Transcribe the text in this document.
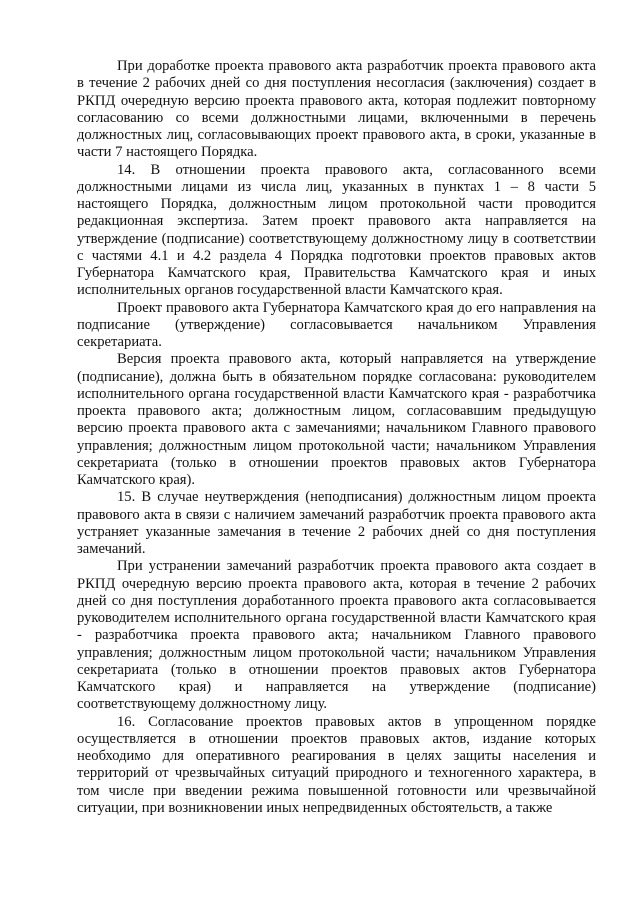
При доработке проекта правового акта разработчик проекта правового акта в течение 2 рабочих дней со дня поступления несогласия (заключения) создает в РКПД очередную версию проекта правового акта, которая подлежит повторному согласованию со всеми должностными лицами, включенными в перечень должностных лиц, согласовывающих проект правового акта, в сроки, указанные в части 7 настоящего Порядка.

14. В отношении проекта правового акта, согласованного всеми должностными лицами из числа лиц, указанных в пунктах 1 – 8 части 5 настоящего Порядка, должностным лицом протокольной части проводится редакционная экспертиза. Затем проект правового акта направляется на утверждение (подписание) соответствующему должностному лицу в соответствии с частями 4.1 и 4.2 раздела 4 Порядка подготовки проектов правовых актов Губернатора Камчатского края, Правительства Камчатского края и иных исполнительных органов государственной власти Камчатского края.

Проект правового акта Губернатора Камчатского края до его направления на подписание (утверждение) согласовывается начальником Управления секретариата.

Версия проекта правового акта, который направляется на утверждение (подписание), должна быть в обязательном порядке согласована: руководителем исполнительного органа государственной власти Камчатского края - разработчика проекта правового акта; должностным лицом, согласовавшим предыдущую версию проекта правового акта с замечаниями; начальником Главного правового управления; должностным лицом протокольной части; начальником Управления секретариата (только в отношении проектов правовых актов Губернатора Камчатского края).

15. В случае неутверждения (неподписания) должностным лицом проекта правового акта в связи с наличием замечаний разработчик проекта правового акта устраняет указанные замечания в течение 2 рабочих дней со дня поступления замечаний.

При устранении замечаний разработчик проекта правового акта создает в РКПД очередную версию проекта правового акта, которая в течение 2 рабочих дней со дня поступления доработанного проекта правового акта согласовывается руководителем исполнительного органа государственной власти Камчатского края - разработчика проекта правового акта; начальником Главного правового управления; должностным лицом протокольной части; начальником Управления секретариата (только в отношении проектов правовых актов Губернатора Камчатского края) и направляется на утверждение (подписание) соответствующему должностному лицу.

16. Согласование проектов правовых актов в упрощенном порядке осуществляется в отношении проектов правовых актов, издание которых необходимо для оперативного реагирования в целях защиты населения и территорий от чрезвычайных ситуаций природного и техногенного характера, в том числе при введении режима повышенной готовности или чрезвычайной ситуации, при возникновении иных непредвиденных обстоятельств, а также
